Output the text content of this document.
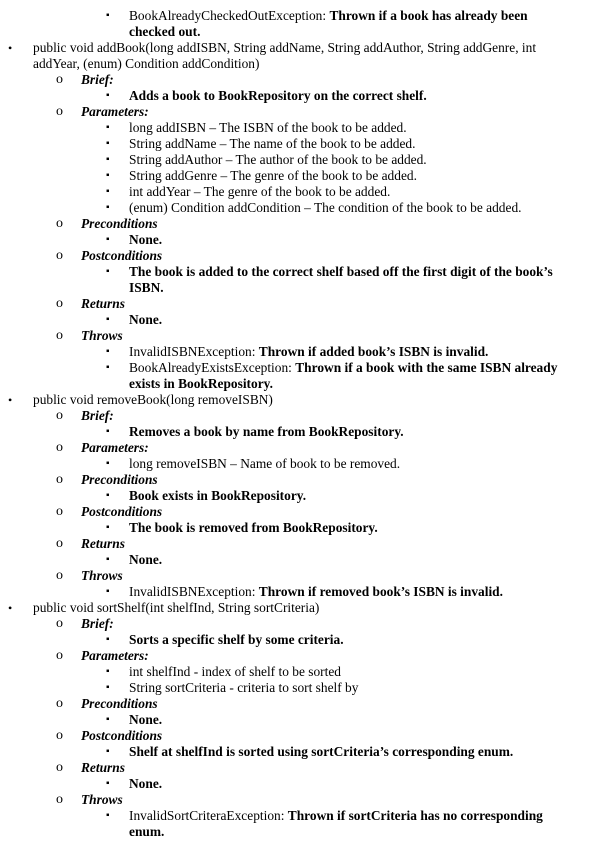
▪ BookAlreadyCheckedOutException: Thrown if a book has already been
checked out.
• public void addBook(long addISBN, String addName, String addAuthor, String addGenre, int
addYear, (enum) Condition addCondition)
o Brief:
▪ Adds a book to BookRepository on the correct shelf.
o Parameters:
▪ long addISBN – The ISBN of the book to be added.
▪ String addName – The name of the book to be added.
▪ String addAuthor – The author of the book to be added.
▪ String addGenre – The genre of the book to be added.
▪ int addYear – The genre of the book to be added.
▪ (enum) Condition addCondition – The condition of the book to be added.
o Preconditions
▪ None.
o Postconditions
▪ The book is added to the correct shelf based off the first digit of the book’s
ISBN.
o Returns
▪ None.
o Throws
▪ InvalidISBNException: Thrown if added book’s ISBN is invalid.
▪ BookAlreadyExistsException: Thrown if a book with the same ISBN already
exists in BookRepository.
• public void removeBook(long removeISBN)
o Brief:
▪ Removes a book by name from BookRepository.
o Parameters:
▪ long removeISBN – Name of book to be removed.
o Preconditions
▪ Book exists in BookRepository.
o Postconditions
▪ The book is removed from BookRepository.
o Returns
▪ None.
o Throws
▪ InvalidISBNException: Thrown if removed book’s ISBN is invalid.
• public void sortShelf(int shelfInd, String sortCriteria)
o Brief:
▪ Sorts a specific shelf by some criteria.
o Parameters:
▪ int shelfInd - index of shelf to be sorted
▪ String sortCriteria - criteria to sort shelf by
o Preconditions
▪ None.
o Postconditions
▪ Shelf at shelfInd is sorted using sortCriteria’s corresponding enum.
o Returns
▪ None.
o Throws
▪ InvalidSortCriteraException: Thrown if sortCriteria has no corresponding
enum.
